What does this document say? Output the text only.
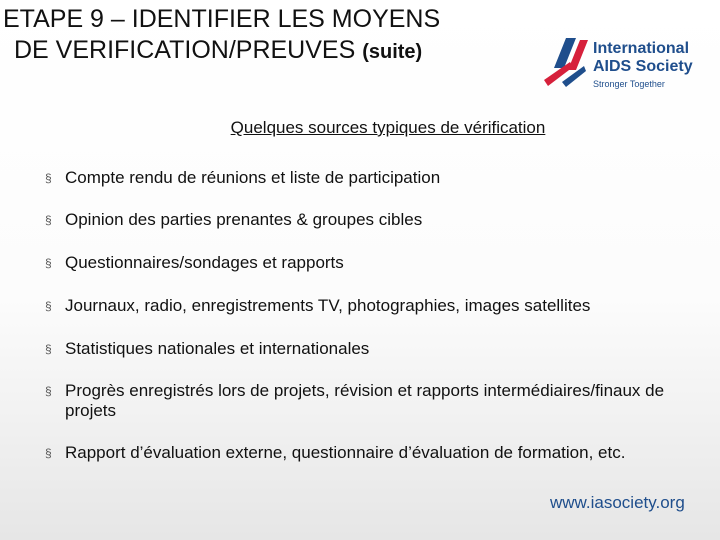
ETAPE 9 – IDENTIFIER LES MOYENS
DE VERIFICATION/PREUVES (suite)	International
AIDS Society
Stronger Together
Quelques sources typiques de vérification
§ Compte rendu de réunions et liste de participation
§ Opinion des parties prenantes & groupes cibles
§ Questionnaires/sondages et rapports
§ Journaux, radio, enregistrements TV, photographies, images satellites
§ Statistiques nationales et internationales
§ Progrès enregistrés lors de projets, révision et rapports intermédiaires/finaux de projets
§ Rapport d’évaluation externe, questionnaire d’évaluation de formation, etc.
www.iasociety.org
